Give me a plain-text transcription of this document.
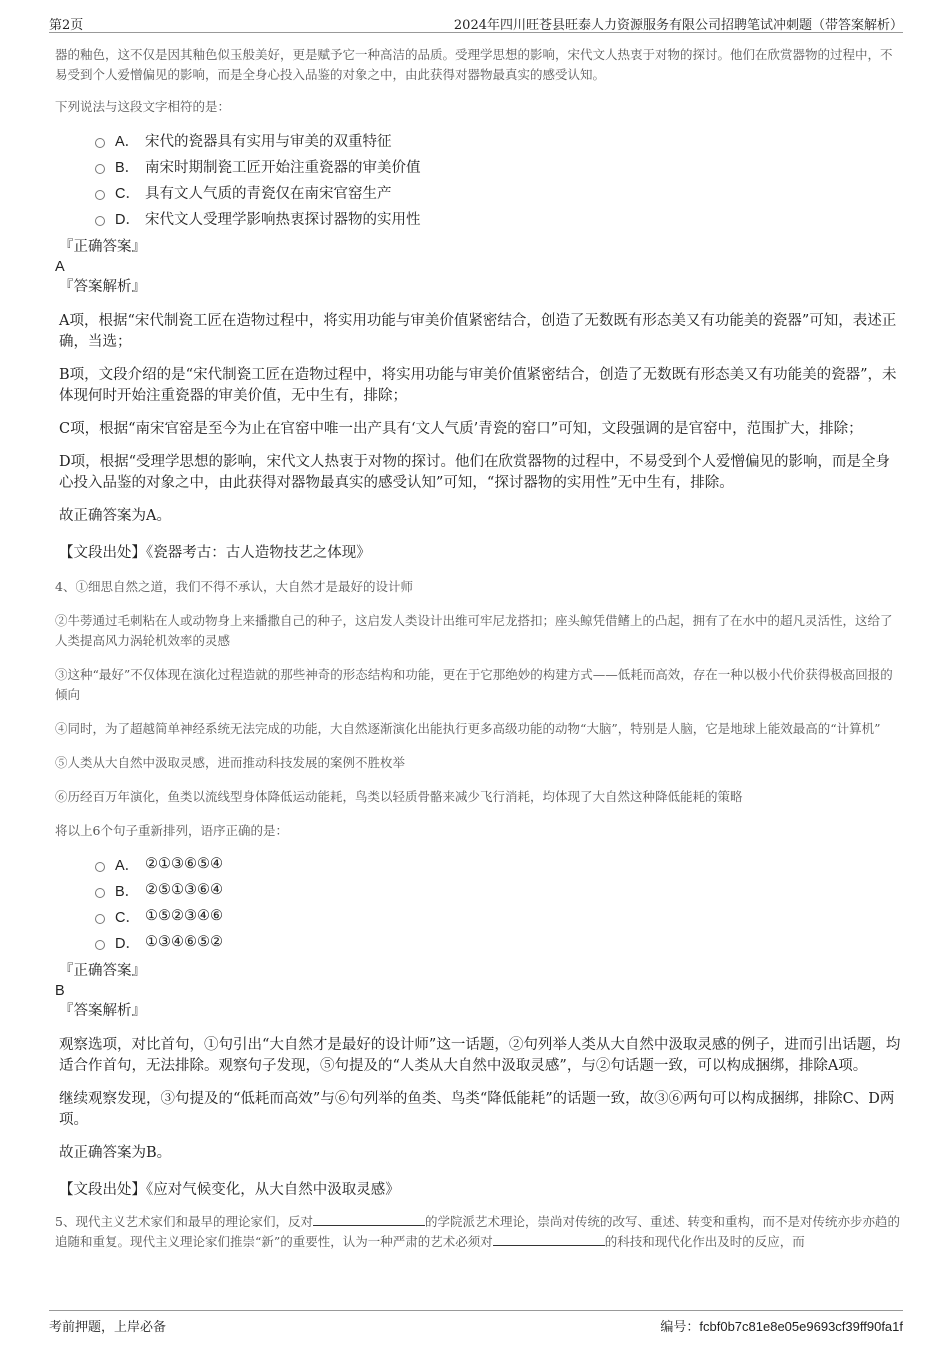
第2页	2024年四川旺苍县旺泰人力资源服务有限公司招聘笔试冲刺题（带答案解析）

器的釉色，这不仅是因其釉色似玉般美好，更是赋予它一种高洁的品质。受理学思想的影响，宋代文人热衷于对物的探讨。他们在欣赏器物的过程中，不易受到个人爱憎偏见的影响，而是全身心投入品鉴的对象之中，由此获得对器物最真实的感受认知。

下列说法与这段文字相符的是：

A． 宋代的瓷器具有实用与审美的双重特征
B． 南宋时期制瓷工匠开始注重瓷器的审美价值
C． 具有文人气质的青瓷仅在南宋官窑生产
D． 宋代文人受理学影响热衷探讨器物的实用性

『正确答案』

A

『答案解析』

A项，根据“宋代制瓷工匠在造物过程中，将实用功能与审美价值紧密结合，创造了无数既有形态美又有功能美的瓷器”可知，表述正确，当选；

B项，文段介绍的是“宋代制瓷工匠在造物过程中，将实用功能与审美价值紧密结合，创造了无数既有形态美又有功能美的瓷器”，未体现何时开始注重瓷器的审美价值，无中生有，排除；

C项，根据“南宋官窑是至今为止在官窑中唯一出产具有‘文人气质’青瓷的窑口”可知，文段强调的是官窑中，范围扩大，排除；

D项，根据“受理学思想的影响，宋代文人热衷于对物的探讨。他们在欣赏器物的过程中，不易受到个人爱憎偏见的影响，而是全身心投入品鉴的对象之中，由此获得对器物最真实的感受认知”可知，“探讨器物的实用性”无中生有，排除。

故正确答案为A。

【文段出处】《瓷器考古：古人造物技艺之体现》

4、①细思自然之道，我们不得不承认，大自然才是最好的设计师

②牛蒡通过毛刺粘在人或动物身上来播撒自己的种子，这启发人类设计出维可牢尼龙搭扣；座头鲸凭借鳍上的凸起，拥有了在水中的超凡灵活性，这给了人类提高风力涡轮机效率的灵感

③这种“最好”不仅体现在演化过程造就的那些神奇的形态结构和功能，更在于它那绝妙的构建方式——低耗而高效，存在一种以极小代价获得极高回报的倾向

④同时，为了超越简单神经系统无法完成的功能，大自然逐渐演化出能执行更多高级功能的动物“大脑”，特别是人脑，它是地球上能效最高的“计算机”

⑤人类从大自然中汲取灵感，进而推动科技发展的案例不胜枚举

⑥历经百万年演化，鱼类以流线型身体降低运动能耗，鸟类以轻质骨骼来减少飞行消耗，均体现了大自然这种降低能耗的策略

将以上6个句子重新排列，语序正确的是：

A． ②①③⑥⑤④
B． ②⑤①③⑥④
C． ①⑤②③④⑥
D． ①③④⑥⑤②

『正确答案』

B

『答案解析』

观察选项，对比首句，①句引出“大自然才是最好的设计师”这一话题，②句列举人类从大自然中汲取灵感的例子，进而引出话题，均适合作首句，无法排除。观察句子发现，⑤句提及的“人类从大自然中汲取灵感”，与②句话题一致，可以构成捆绑，排除A项。

继续观察发现，③句提及的“低耗而高效”与⑥句列举的鱼类、鸟类“降低能耗”的话题一致，故③⑥两句可以构成捆绑，排除C、D两项。

故正确答案为B。

【文段出处】《应对气候变化，从大自然中汲取灵感》

5、现代主义艺术家们和最早的理论家们，反对	的学院派艺术理论，崇尚对传统的改写、重述、转变和重构，而不是对传统亦步亦趋的追随和重复。现代主义理论家们推崇“新”的重要性，认为一种严肃的艺术必须对	的科技和现代化作出及时的反应，而

考前押题，上岸必备	编号：fcbf0b7c81e8e05e9693cf39ff90fa1f
